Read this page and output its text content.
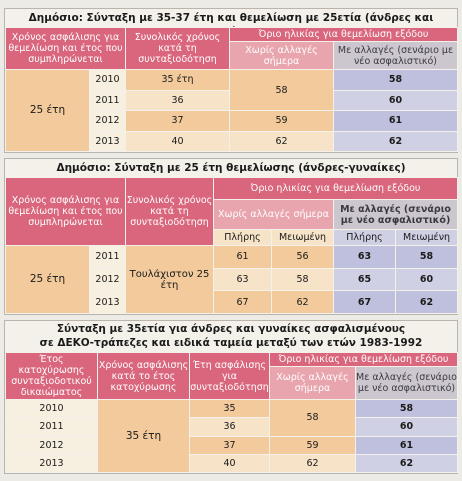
Δημόσιο: Σύνταξη με 35-37 έτη και θεμελίωση με 25ετία (άνδρες και
Χρόνος ασφάλισης για θεμελίωση και έτος που συμπληρώνεται		Συνολικός χρόνος κατά τη συνταξιοδότηση	Όριο ηλικίας για θεμελίωση εξόδου	
			Χωρίς αλλαγές σήμερα	Με αλλαγές (σενάριο με νέο ασφαλιστικό)
25 έτη	2010	35 έτη	58	58
	2011	36		60
	2012	37	59	61
	2013	40	62	62
Δημόσιο: Σύνταξη με 25 έτη θεμελίωσης (άνδρες-γυναίκες)
Χρόνος ασφάλισης για θεμελίωση και έτος που συμπληρώνεται		Συνολικός χρόνος κατά τη συνταξιοδότηση	Όριο ηλικίας για θεμελίωση εξόδου			
			Χωρίς αλλαγές σήμερα		Με αλλαγές (σενάριο με νέο ασφαλιστικό)	
			Πλήρης	Μειωμένη	Πλήρης	Μειωμένη
25 έτη	2011	Τουλάχιστον 25 έτη	61	56	63	58
	2012		63	58	65	60
	2013		67	62	67	62
Σύνταξη με 35ετία για άνδρες και γυναίκες ασφαλισμένους
σε ΔΕΚΟ-τράπεζες και ειδικά ταμεία μεταξύ των ετών 1983-1992
Έτος κατοχύρωσης συνταξιοδοτικού δικαιώματος	Χρόνος ασφάλισης κατά το έτος κατοχύρωσης	Έτη ασφάλισης για συνταξιοδότηση	Όριο ηλικίας για θεμελίωση εξόδου	
			Χωρίς αλλαγές σήμερα	Με αλλαγές (σενάριο με νέο ασφαλιστικό)
2010	35 έτη	35	58	58
2011		36		60
2012		37	59	61
2013		40	62	62
